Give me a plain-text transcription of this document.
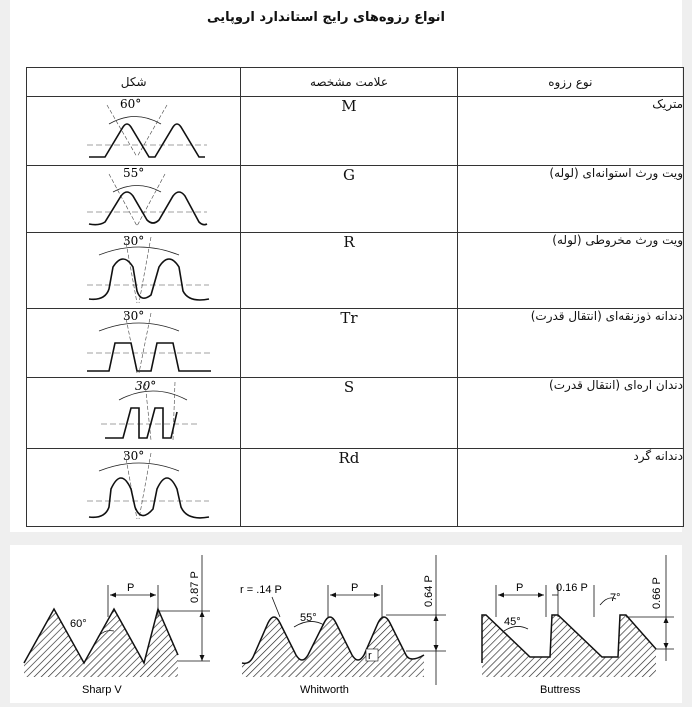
انواع رزوه‌های رایج استاندارد اروپایی
شکل	علامت مشخصه	نوع رزوه

60°	M	متریک

55°	G	ویت ورث استوانه‌ای (لوله)

30°	R	ویت ورث مخروطی (لوله)

30°	Tr	دندانه ذوزنقه‌ای (انتقال قدرت)

30°	S	دندان اره‌ای (انتقال قدرت)

30°	Rd	دندانه گرد
P
60°
0.87 P
Sharp V
r = .14 P	P
55°
r
0.64 P
Whitworth
P	0.16 P
7°
45°
0.66 P
Buttress
